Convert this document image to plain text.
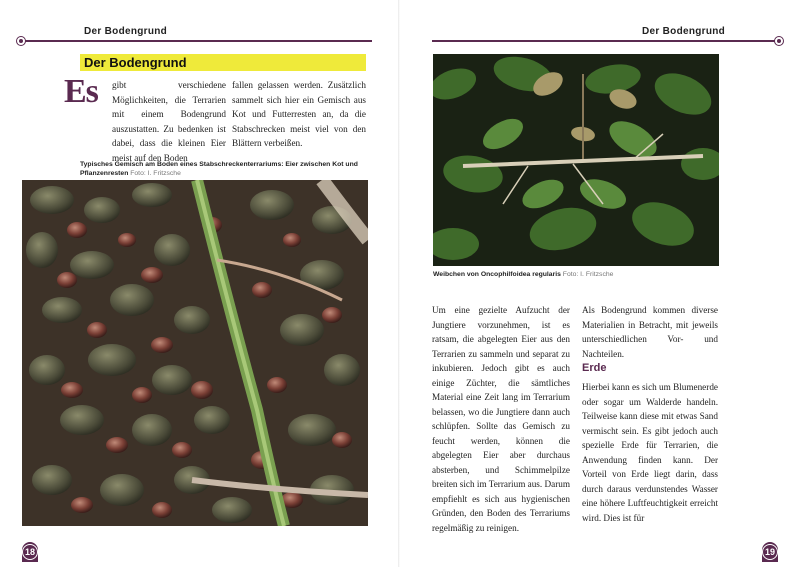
Der Bodengrund
Der Bodengrund
Es gibt verschiedene Möglichkeiten, die Terrarien mit einem Bodengrund auszustatten. Zu bedenken ist dabei, dass die kleinen Eier meist auf den Boden

fallen gelassen werden. Zusätzlich sammelt sich hier ein Gemisch aus Kot und Futterresten an, da die Stabschrecken meist viel von den Blättern verbeißen.

Typisches Gemisch am Boden eines Stabschreckenterrariums: Eier zwischen Kot und Pflanzenresten Foto: I. Fritzsche
18
Der Bodengrund
Weibchen von Oncophilfoidea regularis Foto: I. Fritzsche

Um eine gezielte Aufzucht der Jungtiere vorzunehmen, ist es ratsam, die abgelegten Eier aus den Terrarien zu sammeln und separat zu inkubieren. Jedoch gibt es auch einige Züchter, die sämtliches Material eine Zeit lang im Terrarium belassen, wo die Jungtiere dann auch schlüpfen. Sollte das Gemisch zu feucht werden, können die abgelegten Eier aber durchaus absterben, und Schimmelpilze breiten sich im Terrarium aus. Darum empfiehlt es sich aus hygienischen Gründen, den Boden des Terrariums regelmäßig zu reinigen.

Als Bodengrund kommen diverse Materialien in Betracht, mit jeweils unterschiedlichen Vor- und Nachteilen.

Erde

Hierbei kann es sich um Blumenerde oder sogar um Walderde handeln. Teilweise kann diese mit etwas Sand vermischt sein. Es gibt jedoch auch spezielle Erde für Terrarien, die Anwendung finden kann. Der Vorteil von Erde liegt darin, dass durch daraus verdunstendes Wasser eine höhere Luftfeuchtigkeit erreicht wird. Dies ist für

19
